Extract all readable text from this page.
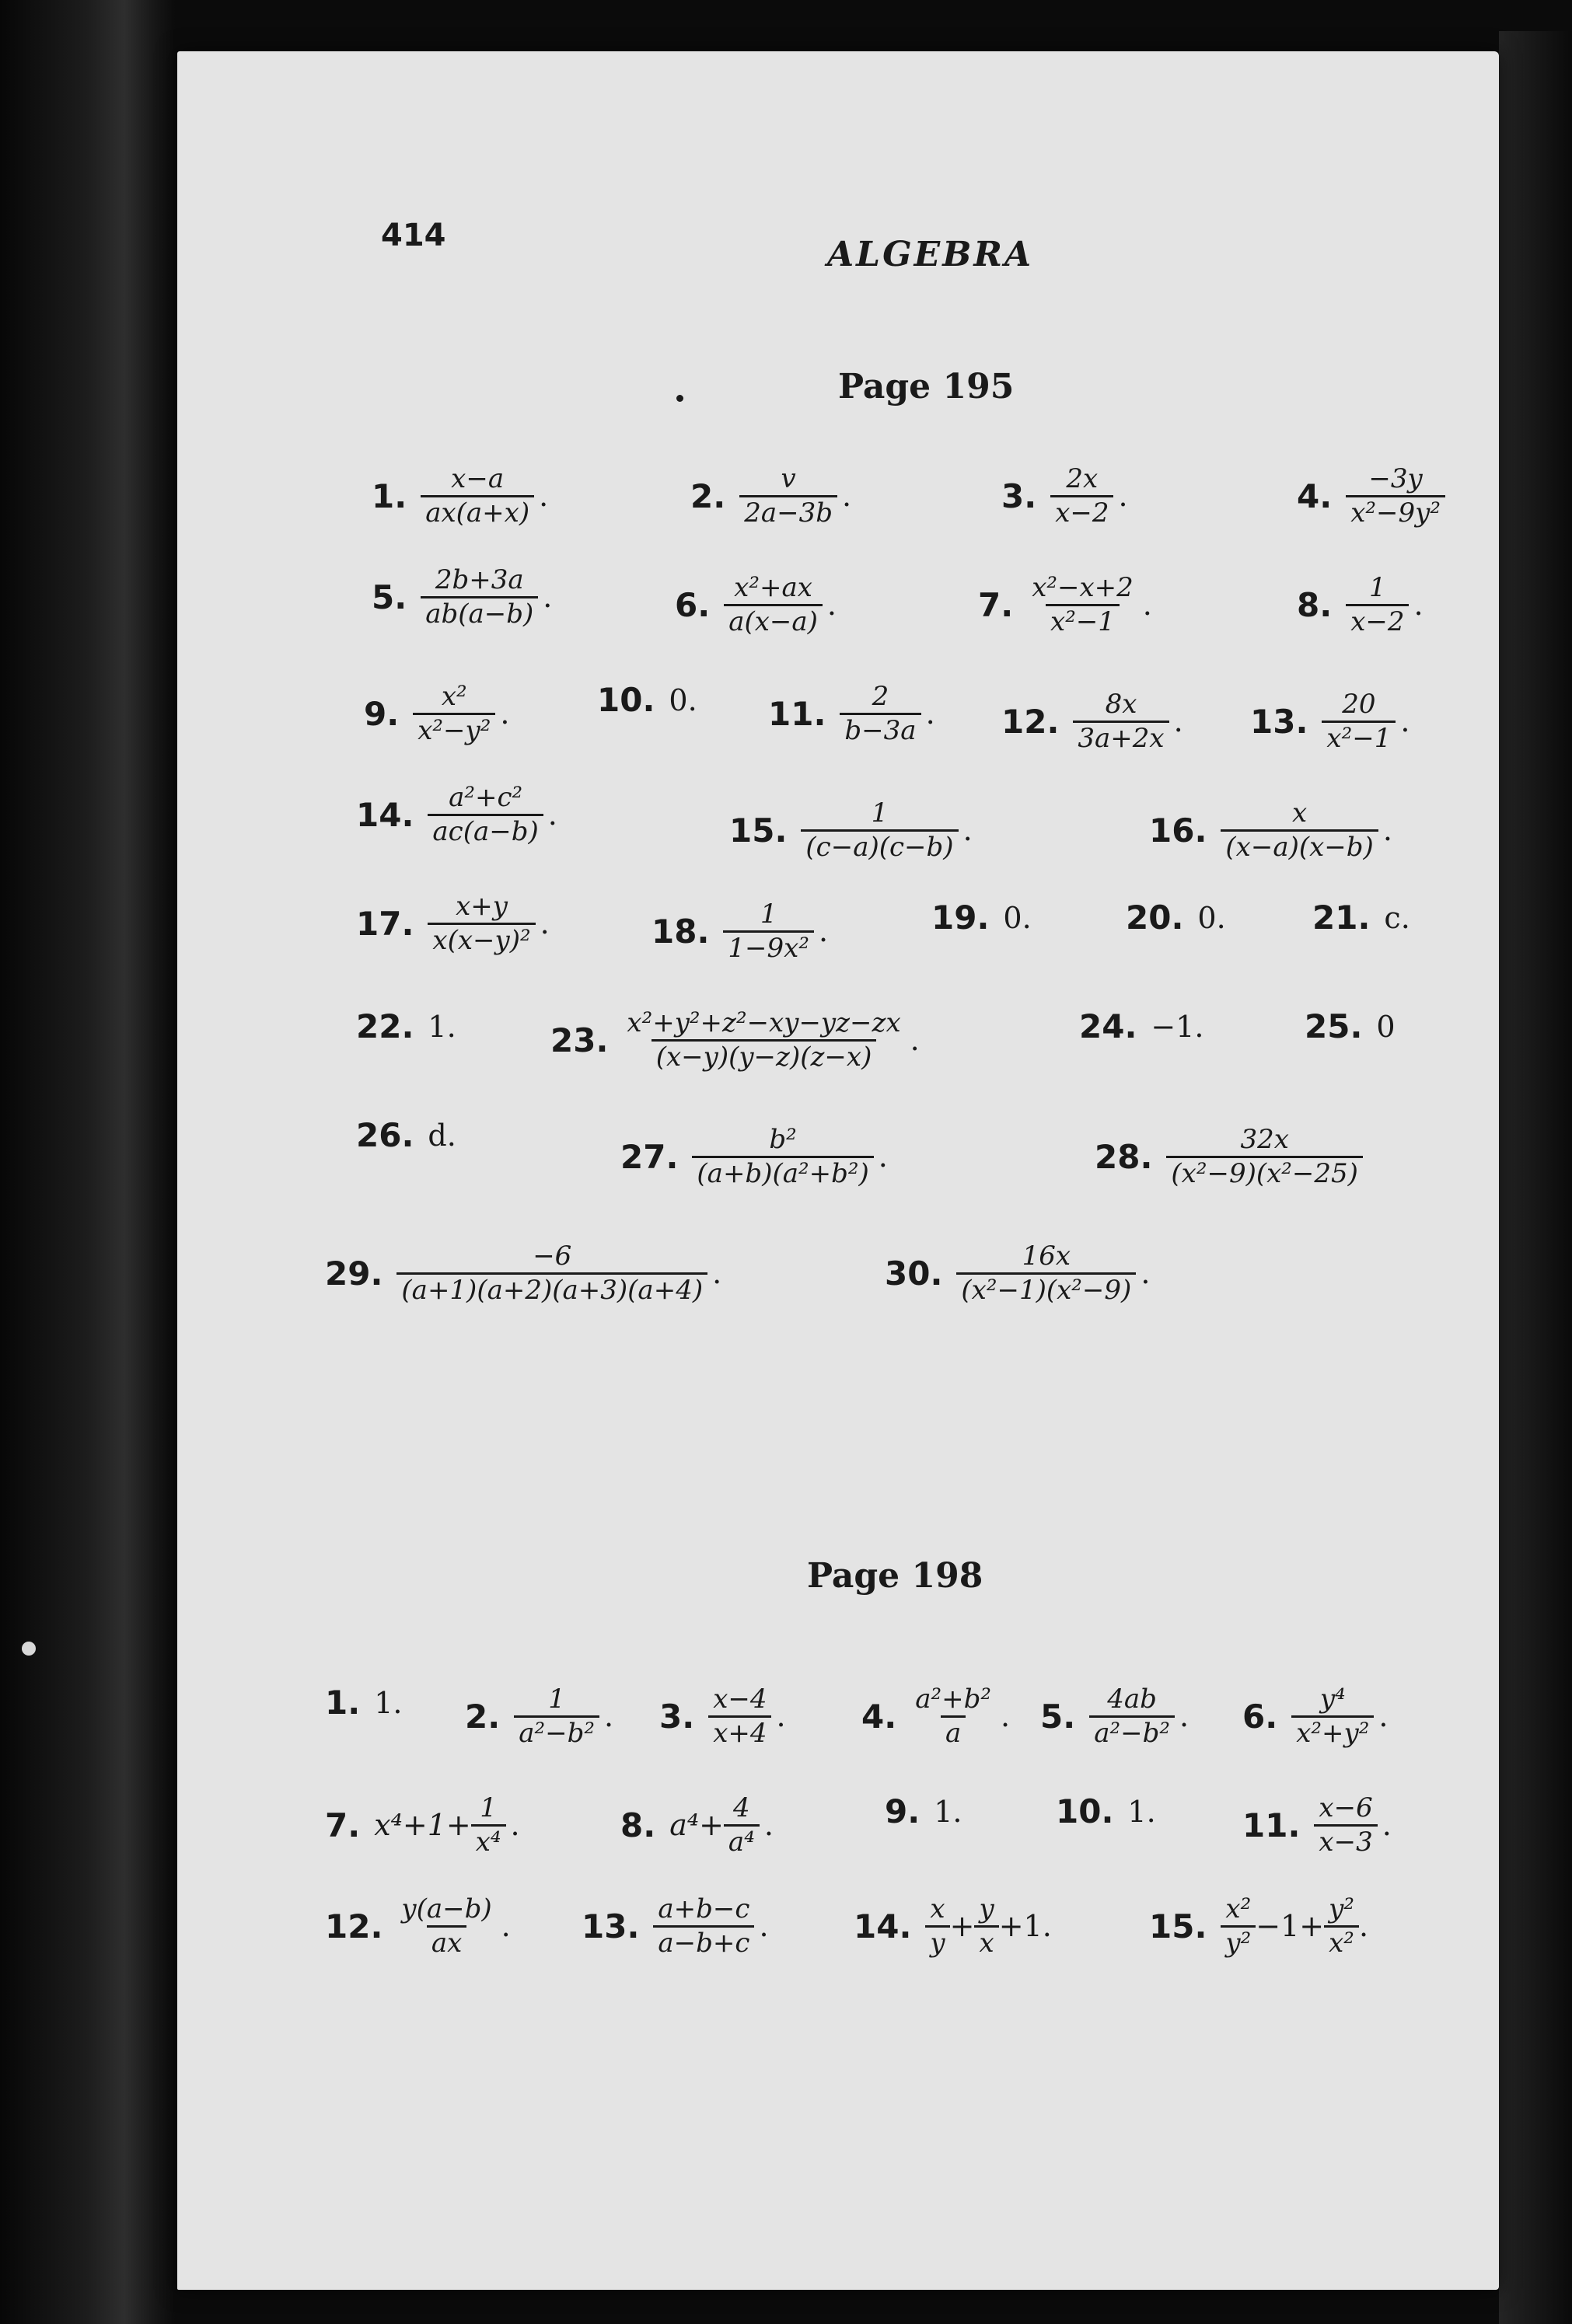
414	ALGEBRA
Page 195
1. $\frac{x-a}{ax(a+x)}$ .	2. $\frac{v}{2a-3b}$ .	3. $\frac{2x}{x-2}$ .	4. $\frac{-3y}{\text{x²−9y²}}$
5. $\frac{2b+3a}{ab(a-b)}$ .	6. $\frac{\text{x²+ax}}{a(x-a)}$ .	7. $\frac{\text{x²−x+2}}{\text{x²−1}}$ .	8. $\frac{1}{x-2}$ .
9. $\frac{\text{x²}}{\text{x²−y²}}$ .	10. 0. 11. $\frac{2}{b-3a}$ . 12. $\frac{8x}{3a+2x}$ . 13. $\frac{20}{\text{x²−1}}$ .
14. $\frac{\text{a²+c²}}{ac(a-b)}$ .	15. $\frac{1}{(c-a)(c-b)}$ .	16. $\frac{x}{(x-a)(x-b)}$ .
17. $\frac{x+y}{\text{x(x−y)²}}$ .	18. $\frac{1}{\text{1−9x²}}$ .	19. 0.	20. 0.	21. c.
22. 1.	23. $\frac{\text{x²+y²+z²−xy−yz−zx}}{(x-y)(y-z)(z-x)}$ .	24. −1.	25. 0
26. d.
27. $\frac{\text{b²}}{\text{(a+b)(a²+b²)}}$ .	28. $\frac{32x}{\text{(x²−9)(x²−25)}}$
29. $\frac{-6}{(a+1)(a+2)(a+3)(a+4)}$ .	30. $\frac{16x}{\text{(x²−1)(x²−9)}}$ .
Page 198
1. 1. 2. $\frac{1}{\text{a²−b²}}$ . 3. $\frac{x-4}{x+4}$ . 4. $\frac{\text{a²+b²}}{a}$ . 5. $\frac{4ab}{\text{a²−b²}}$ . 6. $\frac{\text{y⁴}}{\text{x²+y²}}$ .
7. $x^4+1+ \frac{1}{\text{x⁴}}$ .	8. $a^4+ \frac{4}{\text{a⁴}}$ .	9. 1.	10. 1.	11. $\frac{x-6}{x-3}$ .
12. $\frac{y(a-b)}{ax}$ . 13. $\frac{a+b-c}{a-b+c}$ .	14. $\frac{x}{y} + \frac{y}{x} +1$.	15. $\frac{\text{x²}}{\text{y²}} -1+ \frac{\text{y²}}{\text{x²}}$ .
